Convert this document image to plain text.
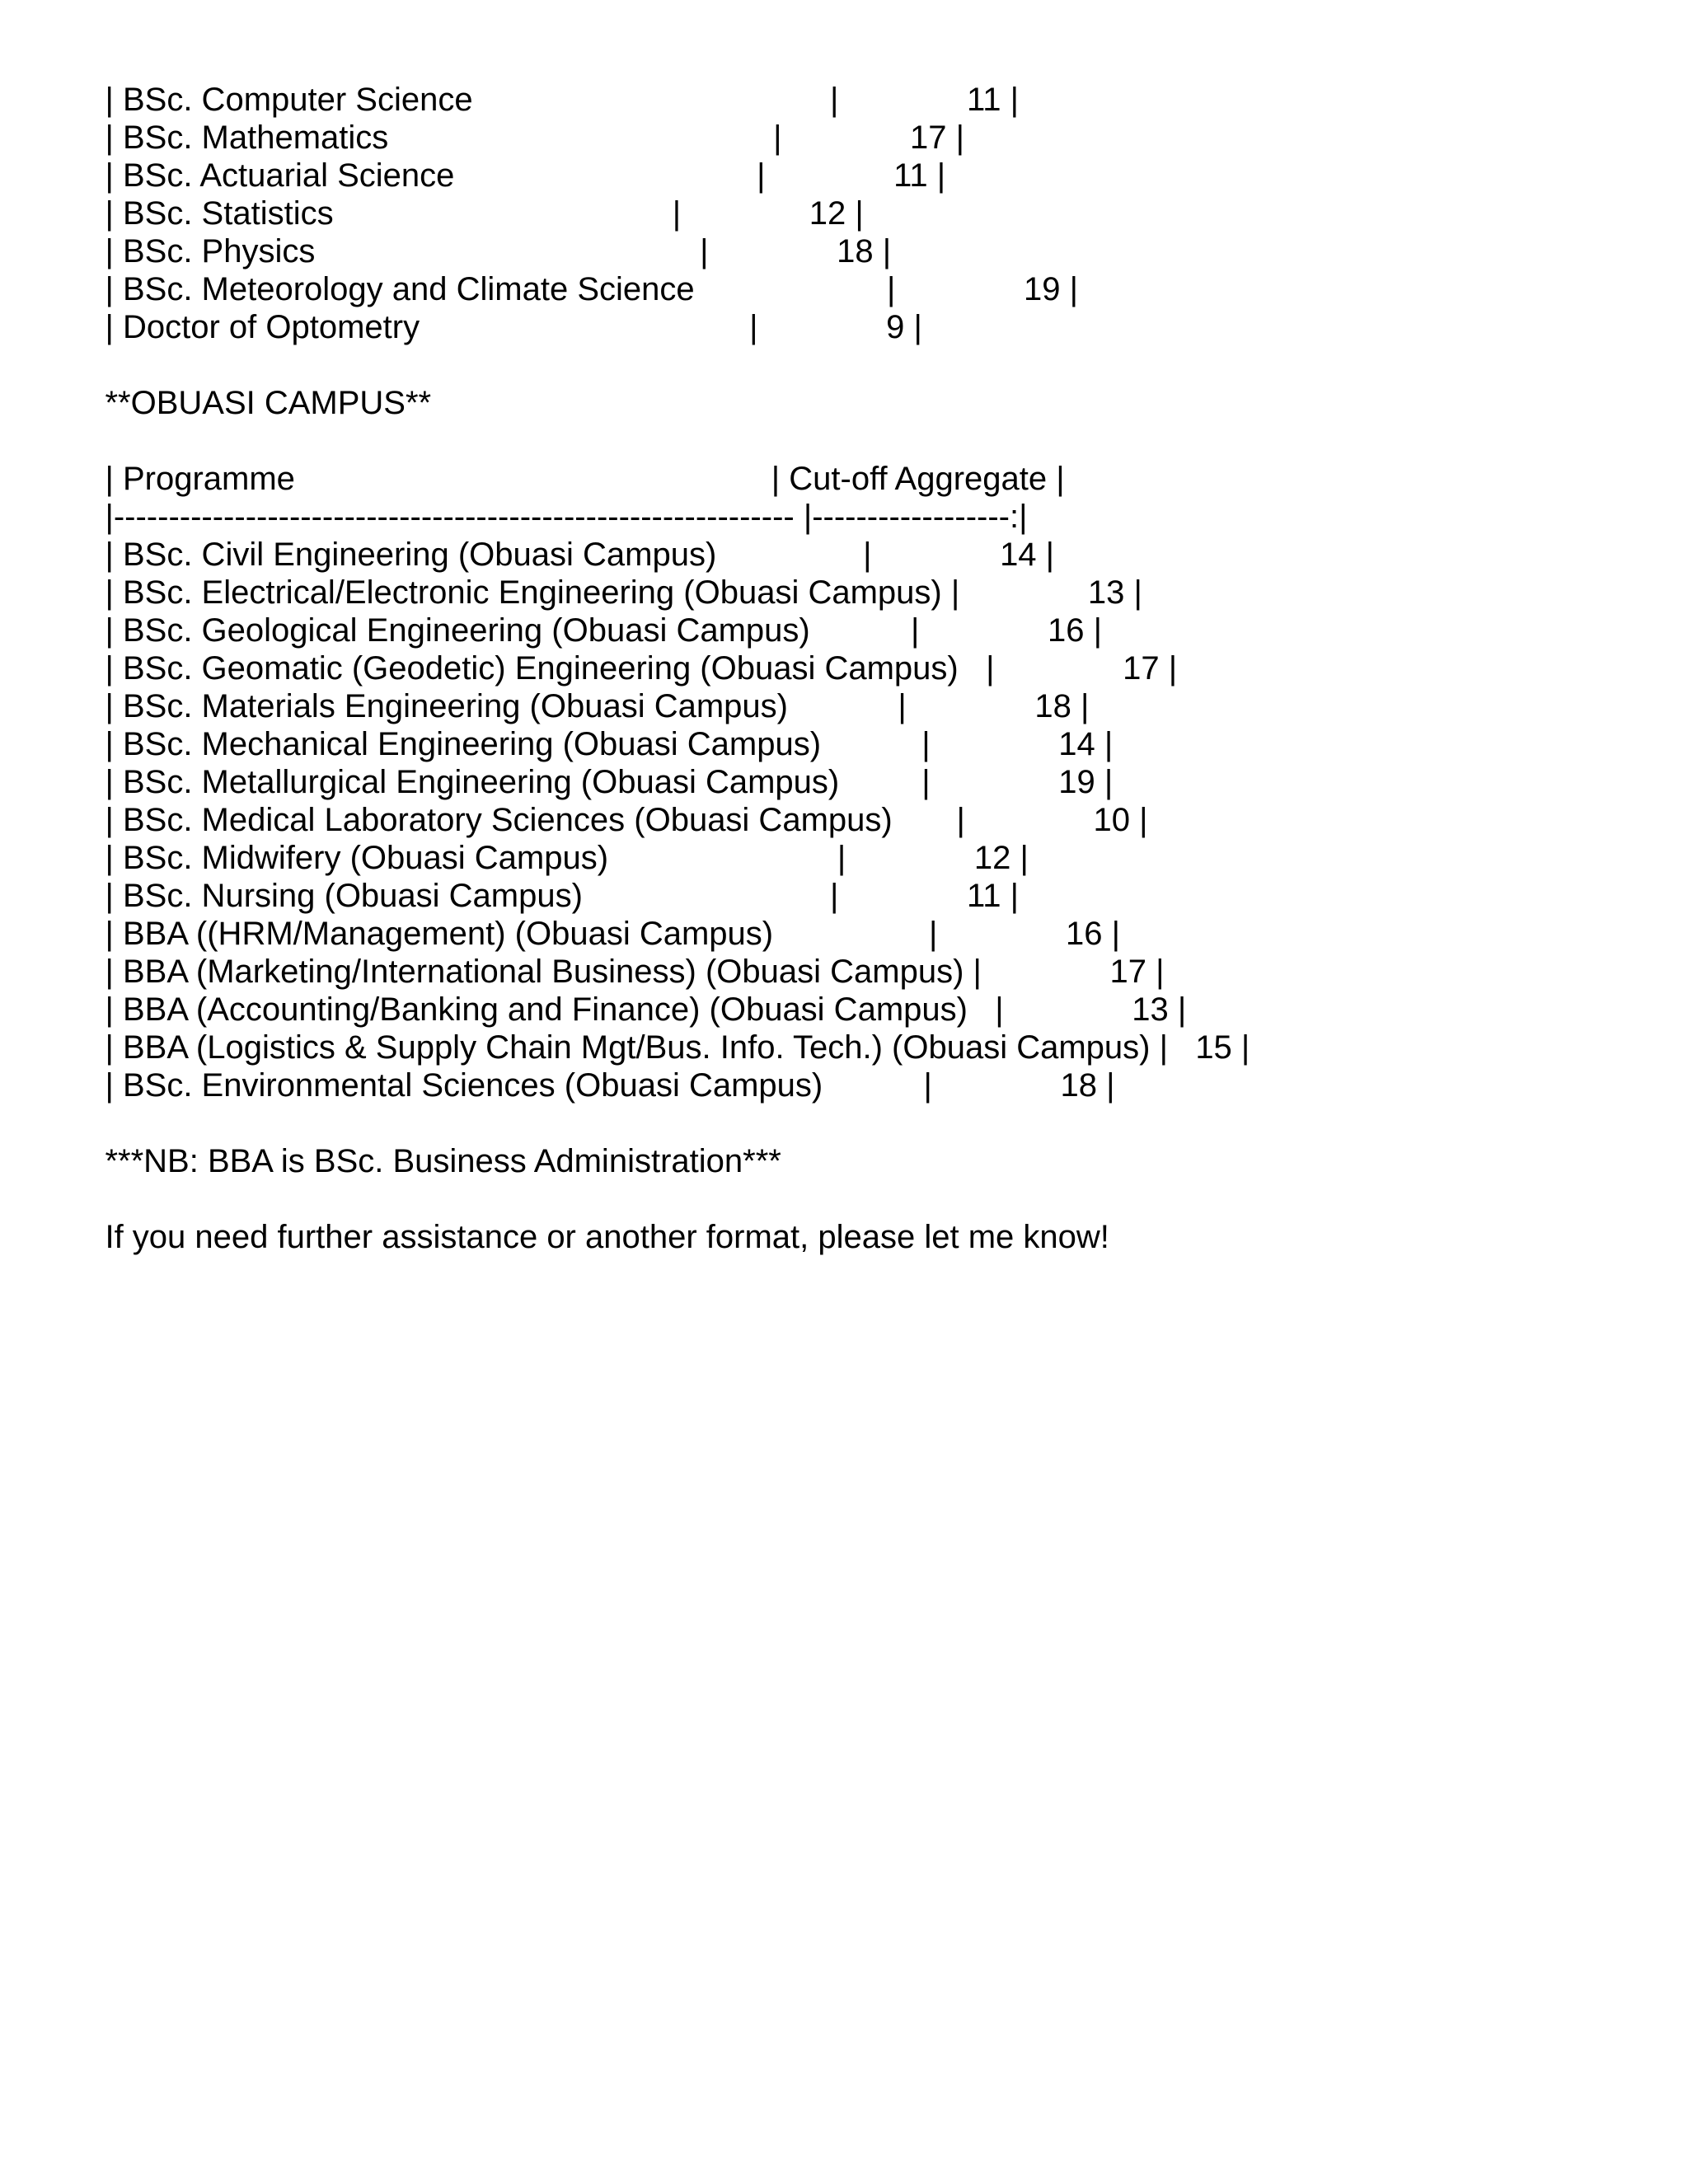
| BSc. Computer Science	|	11 |

| BSc. Mathematics	|	17 |

| BSc. Actuarial Science	|	11 |

| BSc. Statistics	|	12 |

| BSc. Physics	|	18 |

| BSc. Meteorology and Climate Science	|	19 |

| Doctor of Optometry	|	9 |

**OBUASI CAMPUS**

| Programme                                                    | Cut-off Aggregate |

|-------------------------------------------------------------- |------------------:|

| BSc. Civil Engineering (Obuasi Campus)	|	14 |

| BSc. Electrical/Electronic Engineering (Obuasi Campus) |	13 |

| BSc. Geological Engineering (Obuasi Campus)	|	16 |

| BSc. Geomatic (Geodetic) Engineering (Obuasi Campus) |	17 |

| BSc. Materials Engineering (Obuasi Campus)	|	18 |

| BSc. Mechanical Engineering (Obuasi Campus)	|	14 |

| BSc. Metallurgical Engineering (Obuasi Campus)	|	19 |

| BSc. Medical Laboratory Sciences (Obuasi Campus) |	10 |

| BSc. Midwifery (Obuasi Campus)	|	12 |

| BSc. Nursing (Obuasi Campus)	|	11 |

| BBA ((HRM/Management) (Obuasi Campus)	|	16 |

| BBA (Marketing/International Business) (Obuasi Campus) |	17 |

| BBA (Accounting/Banking and Finance) (Obuasi Campus) |	13 |

| BBA (Logistics & Supply Chain Mgt/Bus. Info. Tech.) (Obuasi Campus) | 15 |

| BSc. Environmental Sciences (Obuasi Campus)	|	18 |

***NB: BBA is BSc. Business Administration***

If you need further assistance or another format, please let me know!
